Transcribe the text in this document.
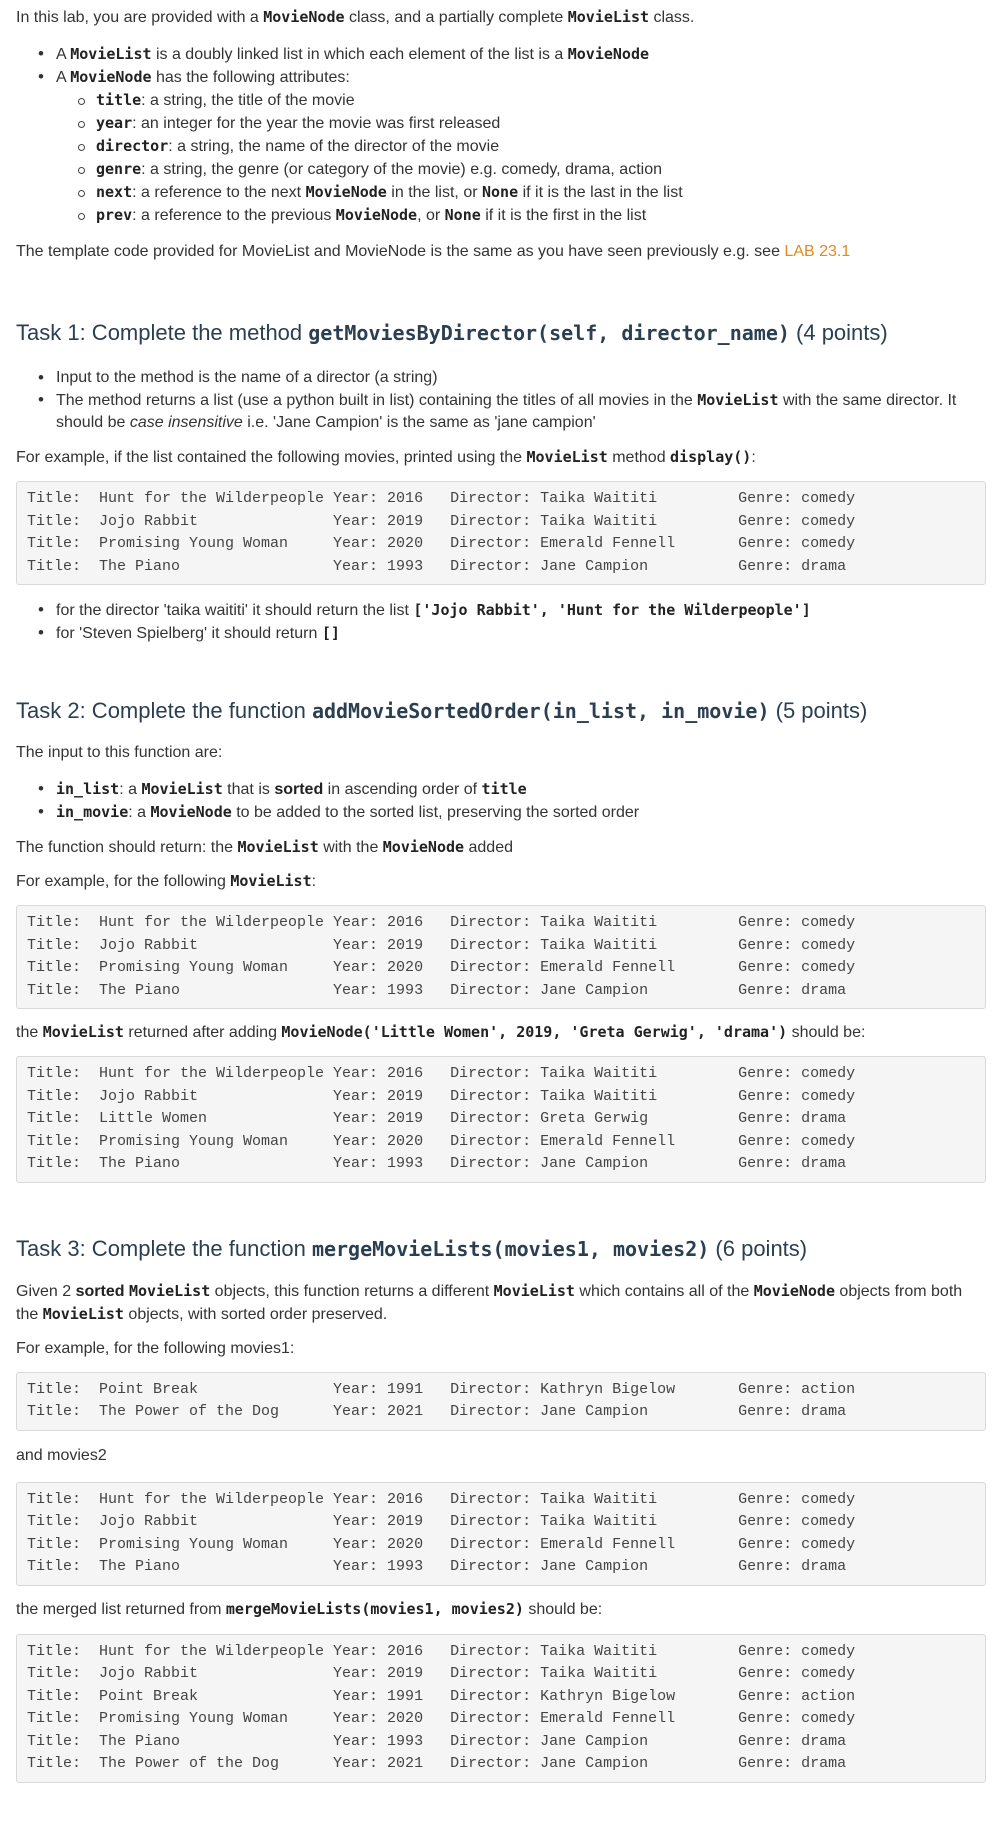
In this lab, you are provided with a MovieNode class, and a partially complete MovieList class.

• A MovieList is a doubly linked list in which each element of the list is a MovieNode
• A MovieNode has the following attributes:
title: a string, the title of the movie
year: an integer for the year the movie was first released
director: a string, the name of the director of the movie
genre: a string, the genre (or category of the movie) e.g. comedy, drama, action
next: a reference to the next MovieNode in the list, or None if it is the last in the list
prev: a reference to the previous MovieNode, or None if it is the first in the list

The template code provided for MovieList and MovieNode is the same as you have seen previously e.g. see LAB 23.1

Task 1: Complete the method getMoviesByDirector(self, director_name) (4 points)
• Input to the method is the name of a director (a string)
• The method returns a list (use a python built in list) containing the titles of all movies in the MovieList with the same director. It should be case insensitive i.e. 'Jane Campion' is the same as 'jane campion'

For example, if the list contained the following movies, printed using the MovieList method display():

Title:  Hunt for the Wilderpeople Year: 2016   Director: Taika Waititi         Genre: comedy
Title:  Jojo Rabbit               Year: 2019   Director: Taika Waititi         Genre: comedy
Title:  Promising Young Woman     Year: 2020   Director: Emerald Fennell       Genre: comedy
Title:  The Piano                 Year: 1993   Director: Jane Campion          Genre: drama
• for the director 'taika waititi' it should return the list ['Jojo Rabbit', 'Hunt for the Wilderpeople']
• for 'Steven Spielberg' it should return []
Task 2: Complete the function addMovieSortedOrder(in_list, in_movie) (5 points)

The input to this function are:

• in_list: a MovieList that is sorted in ascending order of title
• in_movie: a MovieNode to be added to the sorted list, preserving the sorted order

The function should return: the MovieList with the MovieNode added

For example, for the following MovieList:

Title:  Hunt for the Wilderpeople Year: 2016   Director: Taika Waititi         Genre: comedy
Title:  Jojo Rabbit               Year: 2019   Director: Taika Waititi         Genre: comedy
Title:  Promising Young Woman     Year: 2020   Director: Emerald Fennell       Genre: comedy
Title:  The Piano                 Year: 1993   Director: Jane Campion          Genre: drama

the MovieList returned after adding MovieNode('Little Women', 2019, 'Greta Gerwig', 'drama') should be:

Title:  Hunt for the Wilderpeople Year: 2016   Director: Taika Waititi         Genre: comedy
Title:  Jojo Rabbit               Year: 2019   Director: Taika Waititi         Genre: comedy
Title:  Little Women              Year: 2019   Director: Greta Gerwig          Genre: drama
Title:  Promising Young Woman     Year: 2020   Director: Emerald Fennell       Genre: comedy
Title:  The Piano                 Year: 1993   Director: Jane Campion          Genre: drama
Task 3: Complete the function mergeMovieLists(movies1, movies2) (6 points)

Given 2 sorted MovieList objects, this function returns a different MovieList which contains all of the MovieNode objects from both the MovieList objects, with sorted order preserved.

For example, for the following movies1:

Title:  Point Break               Year: 1991   Director: Kathryn Bigelow       Genre: action
Title:  The Power of the Dog      Year: 2021   Director: Jane Campion          Genre: drama

and movies2

Title:  Hunt for the Wilderpeople Year: 2016   Director: Taika Waititi         Genre: comedy
Title:  Jojo Rabbit               Year: 2019   Director: Taika Waititi         Genre: comedy
Title:  Promising Young Woman     Year: 2020   Director: Emerald Fennell       Genre: comedy
Title:  The Piano                 Year: 1993   Director: Jane Campion          Genre: drama

the merged list returned from mergeMovieLists(movies1, movies2) should be:

Title:  Hunt for the Wilderpeople Year: 2016   Director: Taika Waititi         Genre: comedy
Title:  Jojo Rabbit               Year: 2019   Director: Taika Waititi         Genre: comedy
Title:  Point Break               Year: 1991   Director: Kathryn Bigelow       Genre: action
Title:  Promising Young Woman     Year: 2020   Director: Emerald Fennell       Genre: comedy
Title:  The Piano                 Year: 1993   Director: Jane Campion          Genre: drama
Title:  The Power of the Dog      Year: 2021   Director: Jane Campion          Genre: drama
